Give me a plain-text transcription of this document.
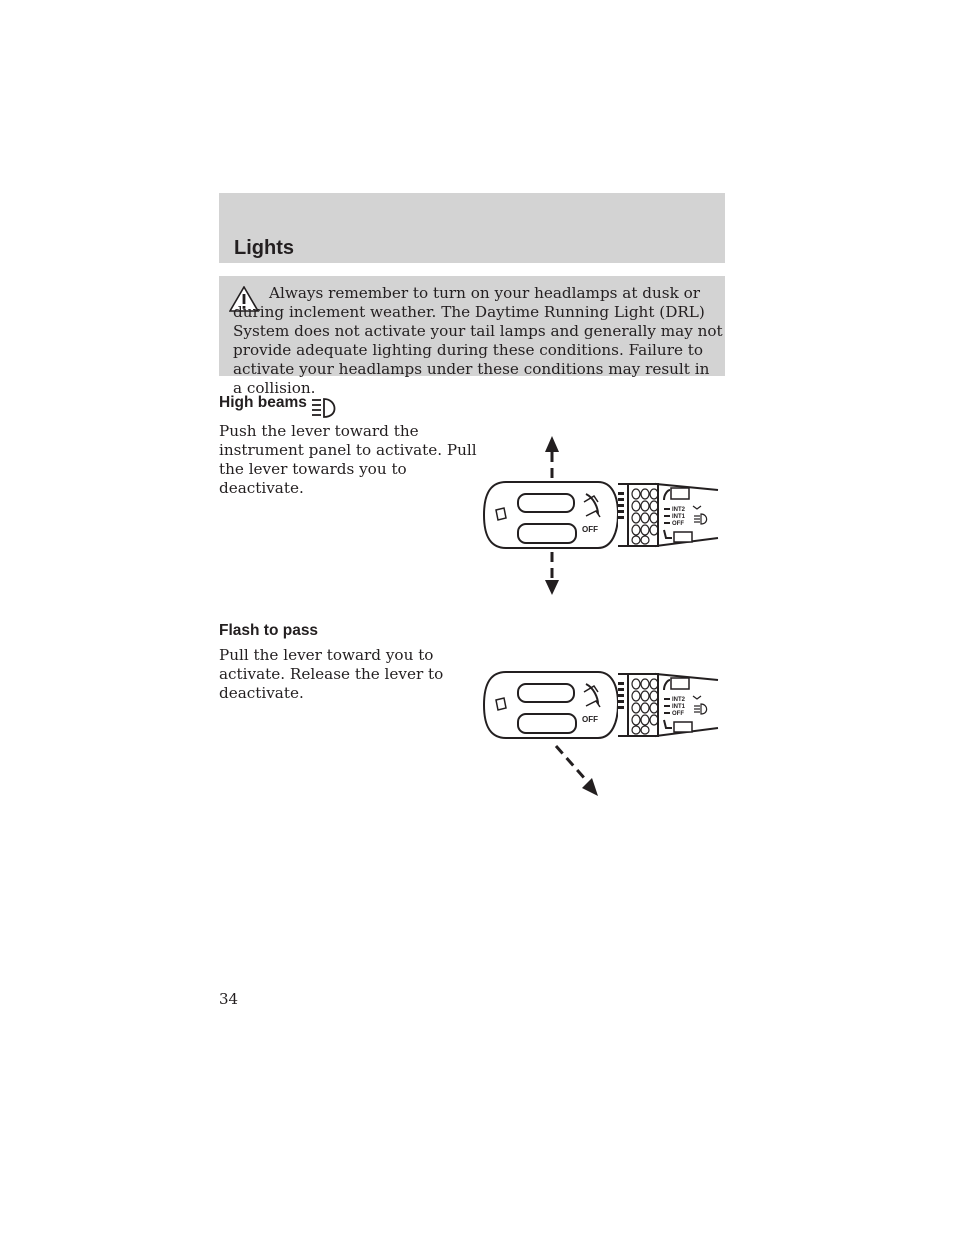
Lights

Always remember to turn on your headlamps at dusk or during inclement weather. The Daytime Running Light (DRL) System does not activate your tail lamps and generally may not provide adequate lighting during these conditions. Failure to activate your headlamps under these conditions may result in a collision.

High beams

Push the lever toward the instrument panel to activate. Pull the lever towards you to deactivate.

Flash to pass

Pull the lever toward you to activate. Release the lever to deactivate.

OFF
INT2
INT1
OFF
OFF
INT2
INT1
OFF

34
